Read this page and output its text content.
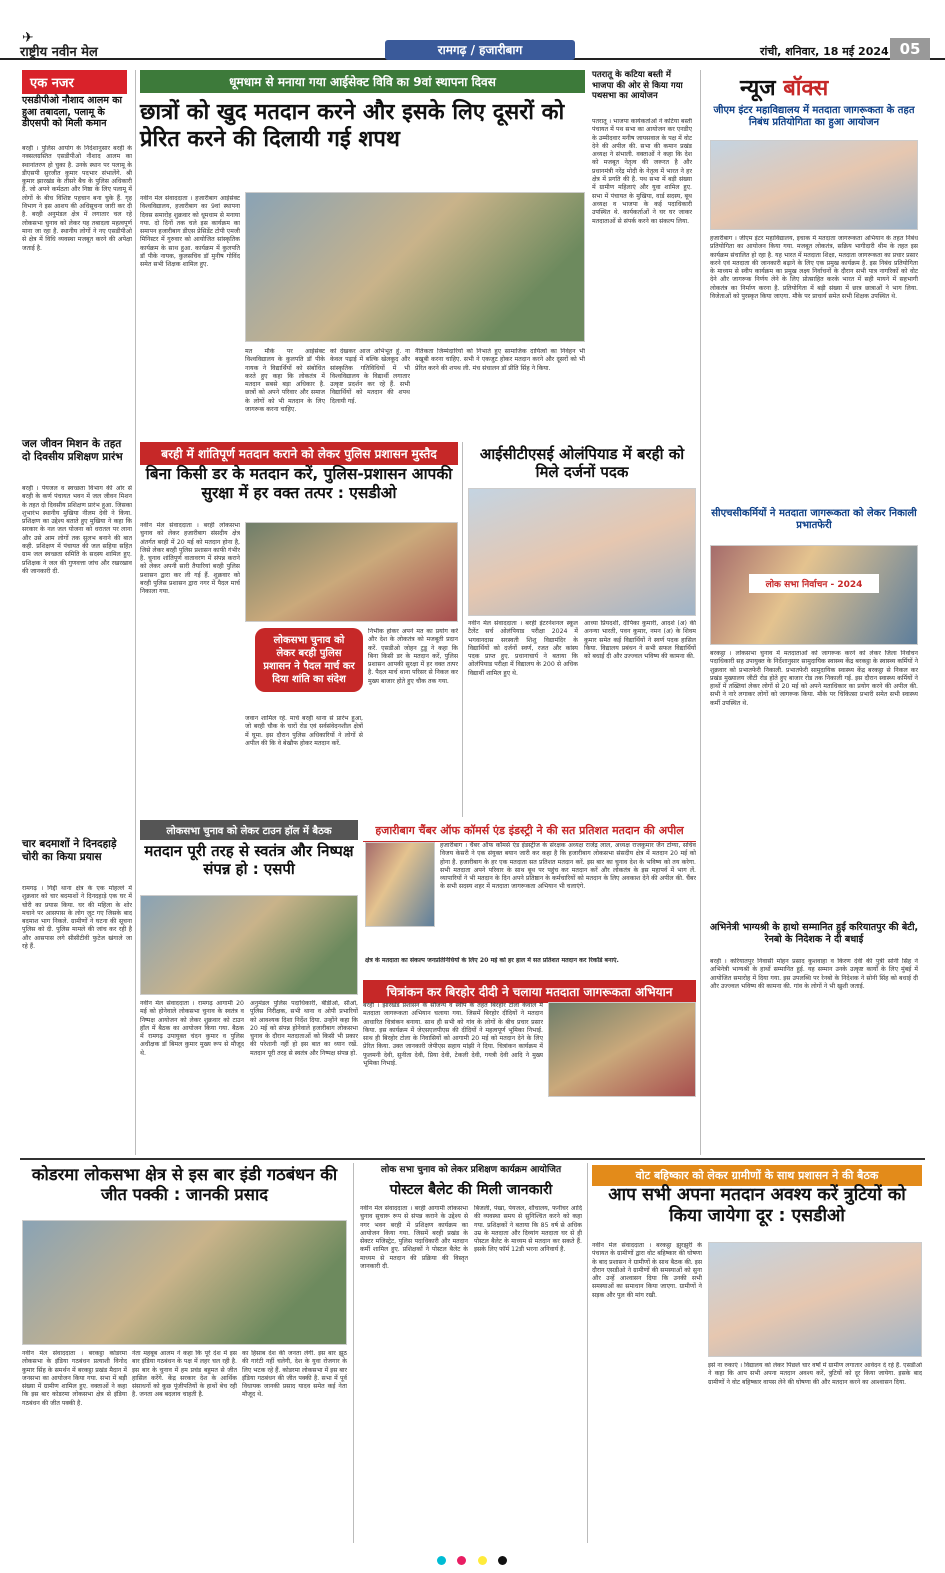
✈
राष्ट्रीय नवीन मेल	रामगढ़ / हजारीबाग	रांची, शनिवार, 18 मई 2024 05
एक नजर
एसडीपीओ नौशाद आलम का हुआ तबादला, पलामू के डीएसपी को मिली कमान
बरही । पुलिस आयोग के निर्देशानुसार बरही के नक्सलग्रस्तित एसडीपीओ नौशाद आलम का स्थानांतरण हो चुका है. उनके स्थान पर पलामू के डीएसपी सुरजीत कुमार पदभार संभालेंगे. श्री कुमार झारखंड के तीसरे बैच के पुलिस अधिकारी हैं. जो अपने कर्मठता और निष्ठा के लिए पलामू में लोगों के बीच विशिष्ट पहचान बना चुके हैं. गृह विभाग ने इस आशय की अधिसूचना जारी कर दी है. बरही अनुमंडल क्षेत्र में लगातार चल रहे लोकसभा चुनाव को लेकर यह तबादला महत्वपूर्ण माना जा रहा है. स्थानीय लोगों ने नए एसडीपीओ से क्षेत्र में विधि व्यवस्था मजबूत करने की अपेक्षा जताई है.
जल जीवन मिशन के तहत दो दिवसीय प्रशिक्षण प्रारंभ
बरही । पेयजल व स्वच्छता विभाग की ओर से बरही के कर्ण पंचायत भवन में जल जीवन मिशन के तहत दो दिवसीय प्रशिक्षण प्रारंभ हुआ. जिसका शुभारंभ स्थानीय मुखिया नीलम देवी ने किया. प्रशिक्षण का उद्देश्य बताते हुए मुखिया ने कहा कि सरकार के नल जल योजना को धरातल पर लाना और उसे आम लोगों तक सुलभ बनाने की बात कही. प्रशिक्षण में पंचायत की जल सहिया सहित ग्राम जल स्वच्छता समिति के सदस्य शामिल हुए. प्रशिक्षक ने जल की गुणवत्ता जांच और रखरखाव की जानकारी दी.
चार बदमाशों ने दिनदहाड़े चोरी का किया प्रयास
रामगढ़ । गिद्दी थाना क्षेत्र के एक मोहल्ले में शुक्रवार को चार बदमाशों ने दिनदहाड़े एक घर में चोरी का प्रयास किया. घर की महिला के शोर मचाने पर आसपास के लोग जुट गए जिसके बाद बदमाश भाग निकले. ग्रामीणों ने घटना की सूचना पुलिस को दी. पुलिस मामले की जांच कर रही है और आसपास लगे सीसीटीवी फुटेज खंगाले जा रहे हैं.
धूमधाम से मनाया गया आईसेक्ट विवि का 9वां स्थापना दिवस
छात्रों को खुद मतदान करने और इसके लिए दूसरों को प्रेरित करने की दिलायी गई शपथ
नवीन मेल संवाददाता । हजारीबाग आईसेक्ट विश्वविद्यालय, हजारीबाग का 9वां स्थापना दिवस समारोह शुक्रवार को धूमधाम से मनाया गया. दो दिनों तक चले इस कार्यक्रम का समापन हजारीबाग डीएस प्रेसिडेंट टोपी एमजी मिनिस्टर में गुरुवार को आयोजित सांस्कृतिक कार्यक्रम के साथ हुआ. कार्यक्रम में कुलपति डॉ पीके नायक, कुलसचिव डॉ मुनीष गोविंद समेत सभी शिक्षक शामिल हुए.
मत मौके पर आईसेक्ट विश्वविद्यालय के कुलपति डॉ पीके नायक ने विद्यार्थियों को संबोधित करते हुए कहा कि लोकतंत्र में मतदान सबसे बड़ा अधिकार है. छात्रों को अपने परिवार और समाज के लोगों को भी मतदान के लिए जागरूक करना चाहिए.
को देखकर आज अभिभूत हूं. ना केवल पढ़ाई में बल्कि खेलकूद और सांस्कृतिक गतिविधियों में भी विश्वविद्यालय के विद्यार्थी लगातार उत्कृष्ट प्रदर्शन कर रहे हैं. सभी विद्यार्थियों को मतदान की शपथ दिलायी गई.
नैतिकता जिम्मेदारियों को निभाते हुए सामाजिक दायित्वों का निर्वहन भी बखूबी करना चाहिए. सभी ने एकजुट होकर मतदान करने और दूसरों को भी प्रेरित करने की शपथ ली. मंच संचालन डॉ प्रीति सिंह ने किया.
पतरातू के कटिया बस्ती में भाजपा की ओर से किया गया पथसभा का आयोजन
पतरातू । भाजपा कार्यकर्ताओं ने कटिया बस्ती पंचायत में पथ सभा का आयोजन कर एनडीए के उम्मीदवार मनीष जायसवाल के पक्ष में वोट देने की अपील की. सभा की कमान प्रखंड अध्यक्ष ने संभाली. वक्ताओं ने कहा कि देश को मजबूत नेतृत्व की जरूरत है और प्रधानमंत्री नरेंद्र मोदी के नेतृत्व में भारत ने हर क्षेत्र में प्रगति की है. पथ सभा में बड़ी संख्या में ग्रामीण महिलाएं और युवा शामिल हुए. सभा में पंचायत के मुखिया, वार्ड सदस्य, बूथ अध्यक्ष व भाजपा के कई पदाधिकारी उपस्थित थे. कार्यकर्ताओं ने घर घर जाकर मतदाताओं से संपर्क करने का संकल्प लिया.
न्यूज बॉक्स
जीएम इंटर महाविद्यालय में मतदाता जागरूकता के तहत निबंध प्रतियोगिता का हुआ आयोजन
हजारीबाग । जीएम इंटर महाविद्यालय, इचाक में मतदाता जागरूकता अभियान के तहत निबंध प्रतियोगिता का आयोजन किया गया. मजबूत लोकतंत्र, सक्रिय भागीदारी थीम के तहत इस कार्यक्रम संचालित हो रहा है. यह भारत में मतदाता शिक्षा, मतदाता जागरूकता का प्रचार प्रसार करने एवं मतदाता की जानकारी बढ़ाने के लिए एक प्रमुख कार्यक्रम है. इस निबंध प्रतियोगिता के माध्यम से स्वीप कार्यक्रम का प्रमुख लक्ष्य निर्वाचनों के दौरान सभी पात्र नागरिकों को वोट देने और जागरूक निर्णय लेने के लिए प्रोत्साहित करके भारत में सही मायने में सहभागी लोकतंत्र का निर्माण करना है. प्रतियोगिता में बड़ी संख्या में छात्र छात्राओं ने भाग लिया. विजेताओं को पुरस्कृत किया जाएगा. मौके पर प्राचार्य समेत सभी शिक्षक उपस्थित थे.
सीएचसीकर्मियों ने मतदाता जागरूकता को लेकर निकाली प्रभातफेरी
लोक सभा निर्वाचन - 2024
बरकट्ठा । लोकसभा चुनाव में मतदाताओं को जागरूक करने को लेकर जिला निर्वाचन पदाधिकारी सह उपायुक्त के निर्देशानुसार सामुदायिक स्वास्थ्य केंद्र बरकट्ठा के स्वास्थ्य कर्मियों ने शुक्रवार को प्रभातफेरी निकाली. प्रभातफेरी सामुदायिक स्वास्थ्य केंद्र बरकट्ठा से निकल कर प्रखंड मुख्यालय जीटी रोड होते हुए बाजार रोड तक निकाली गई. इस दौरान स्वास्थ्य कर्मियों ने हाथों में तख्तियां लेकर लोगों से 20 मई को अपने मताधिकार का प्रयोग करने की अपील की. सभी ने नारे लगाकर लोगों को जागरूक किया. मौके पर चिकित्सा प्रभारी समेत सभी स्वास्थ्य कर्मी उपस्थित थे.
अभिनेत्री भाग्यश्री के हाथो सम्मानित हुई करियातपुर की बेटी, रेनबो के निदेशक ने दी बधाई
बरही । करियातपुर निवासी मोहन प्रसाद कुशवाहा व किरण देवी की पुत्री सोनी सिंह ने अभिनेत्री भाग्यश्री के हाथों सम्मानित हुई. यह सम्मान उनके उत्कृष्ट कार्यों के लिए मुंबई में आयोजित समारोह में दिया गया. इस उपलब्धि पर रेनबो के निदेशक ने सोनी सिंह को बधाई दी और उज्ज्वल भविष्य की कामना की. गांव के लोगों ने भी खुशी जताई.
बरही में शांतिपूर्ण मतदान कराने को लेकर पुलिस प्रशासन मुस्तैद
बिना किसी डर के मतदान करें, पुलिस-प्रशासन आपकी सुरक्षा में हर वक्त तत्पर : एसडीओ
नवीन मेल संवाददाता । बरही लोकसभा चुनाव को लेकर हजारीबाग संसदीय क्षेत्र अंतर्गत बरही में 20 मई को मतदान होना है, जिसे लेकर बरही पुलिस प्रशासन काफी गंभीर है. चुनाव शांतिपूर्ण वातावरण में संपन्न कराने को लेकर अपनी सारी तैयारियां बरही पुलिस प्रशासन द्वारा कर ली गई हैं. शुक्रवार को बरही पुलिस प्रशासन द्वारा नगर में पैदल मार्च निकाला गया.
लोकसभा चुनाव को लेकर बरही पुलिस प्रशासन ने पैदल मार्च कर दिया शांति का संदेश
निर्भीक होकर अपने मत का प्रयोग करें और देश के लोकतंत्र को मजबूती प्रदान करें. एसडीओ जोहन टुडू ने कहा कि बिना किसी डर के मतदान करें, पुलिस प्रशासन आपकी सुरक्षा में हर वक्त तत्पर है. पैदल मार्च थाना परिसर से निकल कर मुख्य बाजार होते हुए चौक तक गया.
जवान शामिल रहे. मार्च बरही थाना से प्रारंभ हुआ, जो बरही चौक के चारों रोड एवं सर्वसंवेदनशील क्षेत्रों में घूमा. इस दौरान पुलिस अधिकारियों ने लोगों से अपील की कि वे बेखौफ होकर मतदान करें.
आईसीटीएसई ओलंपियाड में बरही को मिले दर्जनों पदक
नवीन मेल संवाददाता । बरही इंटरनेशनल स्कूल टैलेंट सर्च ओलंपियाड परीक्षा 2024 में भगवानदास सरस्वती शिशु विद्यामंदिर के विद्यार्थियों को दर्जनों स्वर्ण, रजत और कांस्य पदक प्राप्त हुए. प्रधानाचार्य ने बताया कि ओलंपियाड परीक्षा में विद्यालय के 200 से अधिक विद्यार्थी शामिल हुए थे.
आध्या प्रियदर्शी, दीपिका कुमारी, आदर्श (अ) की अनन्या भारती, पवन कुमार, नमन (अ) के शिवम कुमार समेत कई विद्यार्थियों ने स्वर्ण पदक हासिल किया. विद्यालय प्रबंधन ने सभी सफल विद्यार्थियों को बधाई दी और उज्ज्वल भविष्य की कामना की.
लोकसभा चुनाव को लेकर टाउन हॉल में बैठक
मतदान पूरी तरह से स्वतंत्र और निष्पक्ष संपन्न हो : एसपी
नवीन मेल संवाददाता । रामगढ़ आगामी 20 मई को होनेवाले लोकसभा चुनाव के स्वतंत्र व निष्पक्ष आयोजन को लेकर शुक्रवार को टाउन हॉल में बैठक का आयोजन किया गया. बैठक में रामगढ़ उपायुक्त चंदन कुमार व पुलिस अधीक्षक डॉ बिमल कुमार मुख्य रूप से मौजूद थे.
अनुमंडल पुलिस पदाधिकारी, बीडीओ, सीओ, पुलिस निरीक्षक, सभी थाना व ओपी प्रभारियों को आवश्यक दिशा निर्देश दिया. उन्होंने कहा कि 20 मई को संपन्न होनेवाले हजारीबाग लोकसभा चुनाव के दौरान मतदाताओं को किसी भी प्रकार की परेशानी नहीं हो इस बात का ध्यान रखें. मतदान पूरी तरह से स्वतंत्र और निष्पक्ष संपन्न हो.
हजारीबाग चैंबर ऑफ कॉमर्स एंड इंडस्ट्री ने की सत प्रतिशत मतदान की अपील
हजारीबाग । चैंबर ऑफ कॉमर्स एंड इंडस्ट्रीज के संरक्षक अध्यक्ष राजेंद्र लाल, अध्यक्ष राजकुमार जैन टोंग्या, सचिव विजय केसरी ने एक संयुक्त बयान जारी कर कहा है कि हजारीबाग लोकसभा संसदीय क्षेत्र में मतदान 20 मई को होना है. हजारीबाग के हर एक मतदाता सत प्रतिशत मतदान करें. इस बार का चुनाव देश के भविष्य को तय करेगा. सभी मतदाता अपने परिवार के साथ बूथ पर पहुंच कर मतदान करें और लोकतंत्र के इस महापर्व में भाग लें. व्यापारियों ने भी मतदान के दिन अपने प्रतिष्ठान के कर्मचारियों को मतदान के लिए अवकाश देने की अपील की. चैंबर के सभी सदस्य शहर में मतदाता जागरूकता अभियान भी चलाएंगे.
क्षेत्र के मतदाता का संकल्प जनप्रतिनिधियों के लिए 20 मई को हर हाल में सत प्रतिशत मतदान कर रिकॉर्ड बनाएं.
चित्रांकन कर बिरहोर दीदी ने चलाया मतदाता जागरूकता अभियान
बरही । झारखंड प्रशासन के सौजन्य व स्वीप के तहत बिरहोर टोला केवाल में मतदाता जागरूकता अभियान चलाया गया. जिसमें बिरहोर दीदियों ने मतदान आधारित चित्रांकन बनाया. साथ ही सभी को गांव के लोगों के बीच प्रचार प्रसार किया. इस कार्यक्रम में जेएसएलपीएस की दीदियों ने महत्वपूर्ण भूमिका निभाई. साथ ही बिरहोर टोला के निवासियों को आगामी 20 मई को मतदान देने के लिए प्रेरित किया. उक्त जानकारी जेपीएस सहाय मांझी ने दिया. चित्रांकन कार्यक्रम में फूलमनी देवी, सुनीता देवी, प्रिया देवी, टेकली देवी, गयत्री देवी आदि ने मुख्य भूमिका निभाई.
कोडरमा लोकसभा क्षेत्र से इस बार इंडी गठबंधन की जीत पक्की : जानकी प्रसाद
नवीन मेल संवाददाता । बरकट्ठा कोडरमा लोकसभा के इंडिया गठबंधन प्रत्याशी विनोद कुमार सिंह के समर्थन में बरकट्ठा प्रखंड मैदान में जनसभा का आयोजन किया गया. सभा में बड़ी संख्या में ग्रामीण शामिल हुए. वक्ताओं ने कहा कि इस बार कोडरमा लोकसभा क्षेत्र से इंडिया गठबंधन की जीत पक्की है.
नेता महबूब आलम ने कहा कि पूरे देश में इस बार इंडिया गठबंधन के पक्ष में लहर चल रही है. इस बार के चुनाव में हम प्रचंड बहुमत से जीत हासिल करेंगे. केंद्र सरकार देश के आर्थिक संसाधनों को कुछ पूंजीपतियों के हाथों बेच रही है. जनता अब बदलाव चाहती है.
का हिसाब देश की जनता लेगी. इस बार झूठ की गारंटी नहीं चलेगी, देश के युवा रोजगार के लिए भटक रहे हैं. कोडरमा लोकसभा में इस बार इंडिया गठबंधन की जीत पक्की है. सभा में पूर्व विधायक जानकी प्रसाद यादव समेत कई नेता मौजूद थे.
लोक सभा चुनाव को लेकर प्रशिक्षण कार्यक्रम आयोजित
पोस्टल बैलेट की मिली जानकारी
नवीन मेल संवाददाता । बरही आगामी लोकसभा चुनाव सुचारू रूप से संपन्न कराने के उद्देश्य से नगर भवन बरही में प्रशिक्षण कार्यक्रम का आयोजन किया गया. जिसमें बरही प्रखंड के सेक्टर मजिस्ट्रेट, पुलिस पदाधिकारी और मतदान कर्मी शामिल हुए. प्रशिक्षकों ने पोस्टल बैलेट के माध्यम से मतदान की प्रक्रिया की विस्तृत जानकारी दी.
बिजली, पंखा, पेयजल, शौचालय, फर्नीचर आदि की व्यवस्था समय से सुनिश्चित करने को कहा गया. प्रशिक्षकों ने बताया कि 85 वर्ष से अधिक उम्र के मतदाता और दिव्यांग मतदाता घर से ही पोस्टल बैलेट के माध्यम से मतदान कर सकते हैं. इसके लिए फॉर्म 12डी भरना अनिवार्य है.
वोट बहिष्कार को लेकर ग्रामीणों के साथ प्रशासन ने की बैठक
आप सभी अपना मतदान अवश्य करें त्रुटियों को किया जायेगा दूर : एसडीओ
नवीन मेल संवाददाता । बरकट्ठा झुरझुरी के पंचायत के ग्रामीणों द्वारा वोट बहिष्कार की घोषणा के बाद प्रशासन ने ग्रामीणों के साथ बैठक की. इस दौरान एसडीओ ने ग्रामीणों की समस्याओं को सुना और उन्हें आश्वासन दिया कि उनकी सभी समस्याओं का समाधान किया जाएगा. ग्रामीणों ने सड़क और पुल की मांग रखी.
इसे ना रुकाएं । विद्यालय को लेकर पिछले चार वर्षों में ग्रामीण लगातार आवेदन दे रहे हैं. एसडीओ ने कहा कि आप सभी अपना मतदान अवश्य करें, त्रुटियों को दूर किया जायेगा. इसके बाद ग्रामीणों ने वोट बहिष्कार वापस लेने की घोषणा की और मतदान करने का आश्वासन दिया.
